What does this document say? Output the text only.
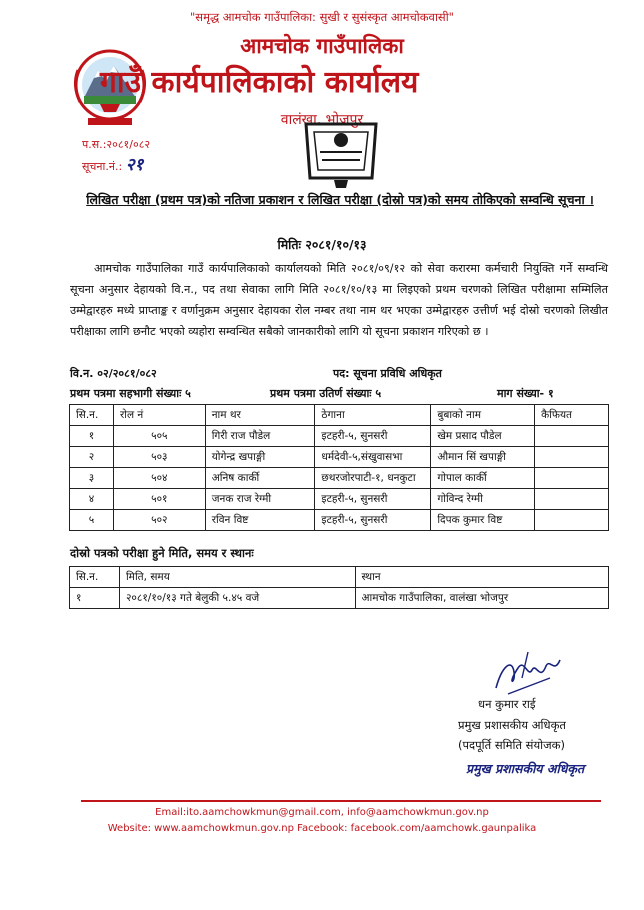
"समृद्ध आमचोक गाउँपालिका: सुखी र सुसंस्कृत आमचोकवासी"
आमचोक गाउँपालिका
गाउँ कार्यपालिकाको कार्यालय
वालंखा, भोजपुर
प.स.:२०८१/०८२
सूचना.नं.: २१
लिखित परीक्षा (प्रथम पत्र)को नतिजा प्रकाशन र लिखित परीक्षा (दोस्रो पत्र)को समय तोकिएको सम्वन्धि सूचना ।
मितिः २०८१/१०/१३
आमचोक गाउँपालिका गाउँ कार्यपालिकाको कार्यालयको मिति २०८१/०९/१२ को सेवा करारमा कर्मचारी नियुक्ति गर्ने सम्वन्धि सूचना अनुसार देहायको वि.न., पद तथा सेवाका लागि मिति २०८१/१०/१३ मा लिइएको प्रथम चरणको लिखित परीक्षामा सम्मिलित उम्मेद्वारहरु मध्ये प्राप्ताङ्क र वर्णानुक्रम अनुसार देहायका रोल नम्बर तथा नाम थर भएका उम्मेद्वारहरु उत्तीर्ण भई दोस्रो चरणको लिखीत परीक्षाका लागि छनौट भएको व्यहोरा सम्वन्धित सबैको जानकारीको लागि यो सूचना प्रकाशन गरिएको छ ।
वि.न. ०२/२०८१/०८२	पद: सूचना प्रविधि अधिकृत
प्रथम पत्रमा सहभागी संख्याः ५	प्रथम पत्रमा उतिर्ण संख्याः ५	माग संख्या- १
सि.न.	रोल नं	नाम थर	ठेगाना	बुबाको नाम	कैफियत
१	५०५	गिरी राज पौडेल	इटहरी-५, सुनसरी	खेम प्रसाद पौडेल	
२	५०३	योगेन्द्र खपाङ्गी	धर्मदेवी-५,संखुवासभा	औमान सिं खपाङ्गी	
३	५०४	अनिष कार्की	छथरजोरपाटी-१, धनकुटा	गोपाल कार्की	
४	५०१	जनक राज रेग्मी	इटहरी-५, सुनसरी	गोविन्द रेग्मी	
५	५०२	रविन विष्ट	इटहरी-५, सुनसरी	दिपक कुमार विष्ट	
दोस्रो पत्रको परीक्षा हुने मिति, समय र स्थानः
सि.न.	मिति, समय	स्थान
१	२०८१/१०/१३ गते बेलुकी ५.४५ वजे	आमचोक गाउँपालिका, वालंखा भोजपुर
धन कुमार राई
प्रमुख प्रशासकीय अधिकृत
(पदपूर्ति समिति संयोजक)
प्रमुख प्रशासकीय अधिकृत
Email:ito.aamchowkmun@gmail.com, info@aamchowkmun.gov.np
Website: www.aamchowkmun.gov.np Facebook: facebook.com/aamchowk.gaunpalika
